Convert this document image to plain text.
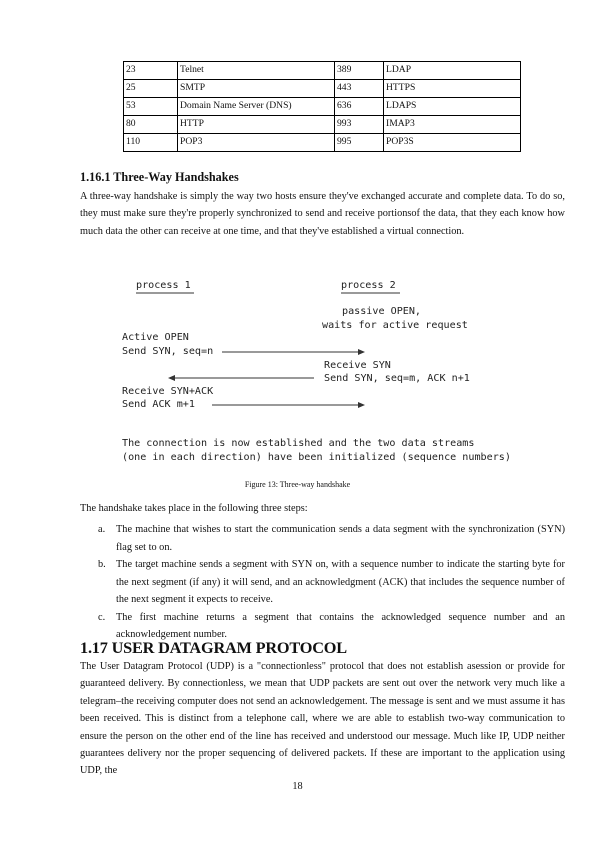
23	Telnet	389	LDAP
25	SMTP	443	HTTPS
53	Domain Name Server (DNS)	636	LDAPS
80	HTTP	993	IMAP3
110	POP3	995	POP3S
1.16.1 Three-Way Handshakes

A three-way handshake is simply the way two hosts ensure they've exchanged accurate and complete data. To do so, they must make sure they're properly synchronized to send and receive portionsof the data, that they each know how much data the other can receive at one time, and that they've established a virtual connection.

process 1	process 2
passive OPEN,
waits for active request
Active OPEN
Send SYN, seq=n
Receive SYN
Send SYN, seq=m, ACK n+1
Receive SYN+ACK
Send ACK m+1
The connection is now established and the two data streams
(one in each direction) have been initialized (sequence numbers)
Figure 13: Three-way handshake
The handshake takes place in the following three steps:
a. The machine that wishes to start the communication sends a data segment with the synchronization (SYN) flag set to on.
b. The target machine sends a segment with SYN on, with a sequence number to indicate the starting byte for the next segment (if any) it will send, and an acknowledgment (ACK) that includes the sequence number of the next segment it expects to receive.
c. The first machine returns a segment that contains the acknowledged sequence number and an acknowledgement number.
1.17 USER DATAGRAM PROTOCOL

The User Datagram Protocol (UDP) is a "connectionless" protocol that does not establish asession or provide for guaranteed delivery. By connectionless, we mean that UDP packets are sent out over the network very much like a telegram–the receiving computer does not send an acknowledgement. The message is sent and we must assume it has been received. This is distinct from a telephone call, where we are able to establish two-way communication to ensure the person on the other end of the line has received and understood our message. Much like IP, UDP neither guarantees delivery nor the proper sequencing of delivered packets. If these are important to the application using UDP, the

18
